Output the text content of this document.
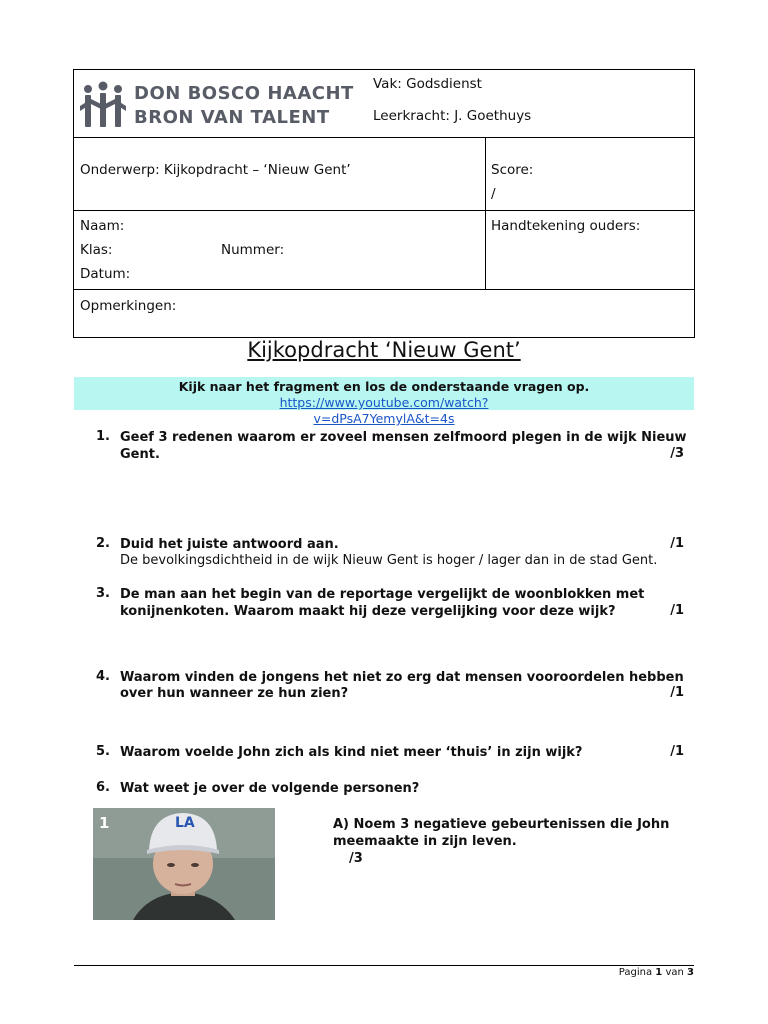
DON BOSCO HAACHT
BRON VAN TALENT
Vak: Godsdienst
Leerkracht: J. Goethuys
Onderwerp: Kijkopdracht – ‘Nieuw Gent’	Score:
/
Naam:
Klas:	Nummer:
Datum:
Handtekening ouders:
Opmerkingen:
Kijkopdracht ‘Nieuw Gent’
Kijk naar het fragment en los de onderstaande vragen op. https://www.youtube.com/watch?
v=dPsA7YemylA&t=4s
1. Geef 3 redenen waarom er zoveel mensen zelfmoord plegen in de wijk Nieuw
Gent.	/3
2. Duid het juiste antwoord aan.
De bevolkingsdichtheid in de wijk Nieuw Gent is hoger / lager dan in de stad Gent.
/1
3. De man aan het begin van de reportage vergelijkt de woonblokken met
konijnenkoten. Waarom maakt hij deze vergelijking voor deze wijk?	/1
4. Waarom vinden de jongens het niet zo erg dat mensen vooroordelen hebben
over hun wanneer ze hun zien?	/1
5. Waarom voelde John zich als kind niet meer ‘thuis’ in zijn wijk?	/1
6. Wat weet je over de volgende personen?
1	LA	A) Noem 3 negatieve gebeurtenissen die John
meemaakte in zijn leven.
/3
Pagina 1 van 3
